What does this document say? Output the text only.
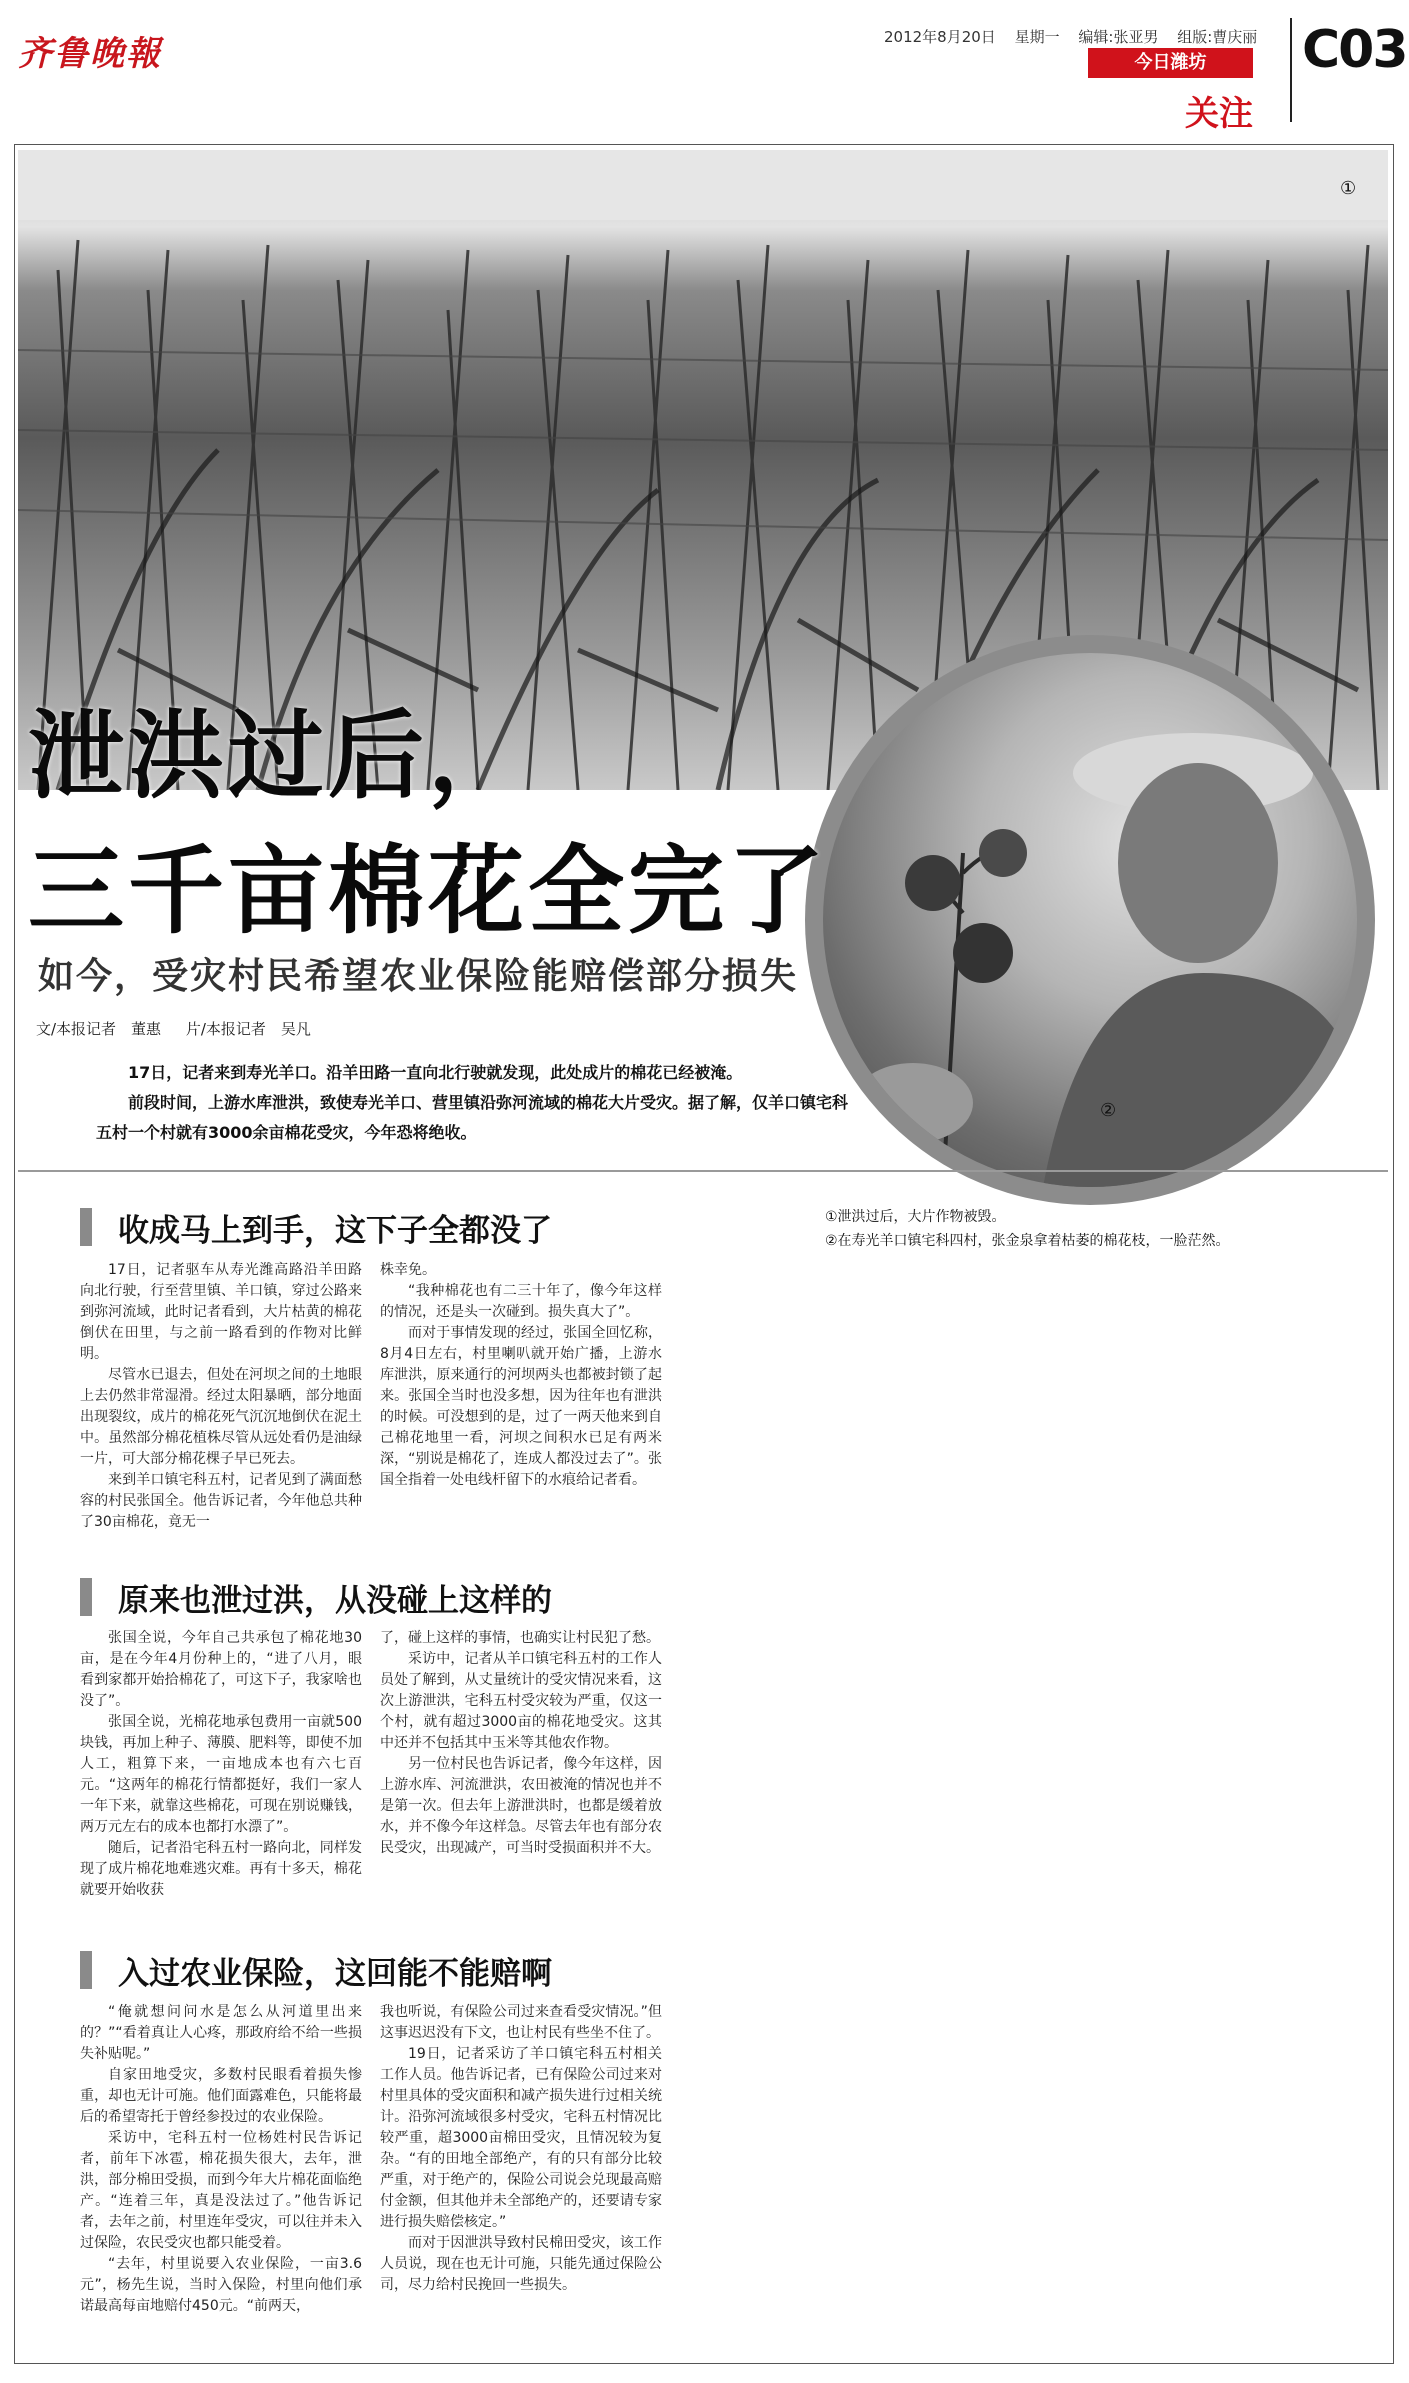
齐鲁晚報	2012年8月20日 星期一 编辑:张亚男 组版:曹庆丽
今日潍坊
关注
C03
①
②
泄洪过后，
三千亩棉花全完了
如今，受灾村民希望农业保险能赔偿部分损失
文/本报记者　董惠 片/本报记者　吴凡

17日，记者来到寿光羊口。沿羊田路一直向北行驶就发现，此处成片的棉花已经被淹。

前段时间，上游水库泄洪，致使寿光羊口、营里镇沿弥河流域的棉花大片受灾。据了解，仅羊口镇宅科五村一个村就有3000余亩棉花受灾，今年恐将绝收。

①泄洪过后，大片作物被毁。

②在寿光羊口镇宅科四村，张金泉拿着枯萎的棉花枝，一脸茫然。

收成马上到手，这下子全都没了

17日，记者驱车从寿光潍高路沿羊田路向北行驶，行至营里镇、羊口镇，穿过公路来到弥河流域，此时记者看到，大片枯黄的棉花倒伏在田里，与之前一路看到的作物对比鲜明。

尽管水已退去，但处在河坝之间的土地眼上去仍然非常湿滑。经过太阳暴晒，部分地面出现裂纹，成片的棉花死气沉沉地倒伏在泥土中。虽然部分棉花植株尽管从远处看仍是油绿一片，可大部分棉花棵子早已死去。

来到羊口镇宅科五村，记者见到了满面愁容的村民张国全。他告诉记者，今年他总共种了30亩棉花，竟无一

株幸免。

“我种棉花也有二三十年了，像今年这样的情况，还是头一次碰到。损失真大了”。

而对于事情发现的经过，张国全回忆称，8月4日左右，村里喇叭就开始广播，上游水库泄洪，原来通行的河坝两头也都被封锁了起来。张国全当时也没多想，因为往年也有泄洪的时候。可没想到的是，过了一两天他来到自己棉花地里一看，河坝之间积水已足有两米深，“别说是棉花了，连成人都没过去了”。张国全指着一处电线杆留下的水痕给记者看。

原来也泄过洪，从没碰上这样的

张国全说，今年自己共承包了棉花地30亩，是在今年4月份种上的，“进了八月，眼看到家都开始拾棉花了，可这下子，我家啥也没了”。

张国全说，光棉花地承包费用一亩就500块钱，再加上种子、薄膜、肥料等，即使不加人工，粗算下来，一亩地成本也有六七百元。“这两年的棉花行情都挺好，我们一家人一年下来，就靠这些棉花，可现在别说赚钱，两万元左右的成本也都打水漂了”。

随后，记者沿宅科五村一路向北，同样发现了成片棉花地难逃灾难。再有十多天，棉花就要开始收获

了，碰上这样的事情，也确实让村民犯了愁。

采访中，记者从羊口镇宅科五村的工作人员处了解到，从丈量统计的受灾情况来看，这次上游泄洪，宅科五村受灾较为严重，仅这一个村，就有超过3000亩的棉花地受灾。这其中还并不包括其中玉米等其他农作物。

另一位村民也告诉记者，像今年这样，因上游水库、河流泄洪，农田被淹的情况也并不是第一次。但去年上游泄洪时，也都是缓着放水，并不像今年这样急。尽管去年也有部分农民受灾，出现减产，可当时受损面积并不大。

入过农业保险，这回能不能赔啊

“俺就想问问水是怎么从河道里出来的？”“看着真让人心疼，那政府给不给一些损失补贴呢。”

自家田地受灾，多数村民眼看着损失惨重，却也无计可施。他们面露难色，只能将最后的希望寄托于曾经参投过的农业保险。

采访中，宅科五村一位杨姓村民告诉记者，前年下冰雹，棉花损失很大，去年，泄洪，部分棉田受损，而到今年大片棉花面临绝产。“连着三年，真是没法过了。”他告诉记者，去年之前，村里连年受灾，可以往并未入过保险，农民受灾也都只能受着。

“去年，村里说要入农业保险，一亩3.6元”，杨先生说，当时入保险，村里向他们承诺最高每亩地赔付450元。“前两天，

我也听说，有保险公司过来查看受灾情况。”但这事迟迟没有下文，也让村民有些坐不住了。

19日，记者采访了羊口镇宅科五村相关工作人员。他告诉记者，已有保险公司过来对村里具体的受灾面积和减产损失进行过相关统计。沿弥河流域很多村受灾，宅科五村情况比较严重，超3000亩棉田受灾，且情况较为复杂。“有的田地全部绝产，有的只有部分比较严重，对于绝产的，保险公司说会兑现最高赔付金额，但其他并未全部绝产的，还要请专家进行损失赔偿核定。”

而对于因泄洪导致村民棉田受灾，该工作人员说，现在也无计可施，只能先通过保险公司，尽力给村民挽回一些损失。
